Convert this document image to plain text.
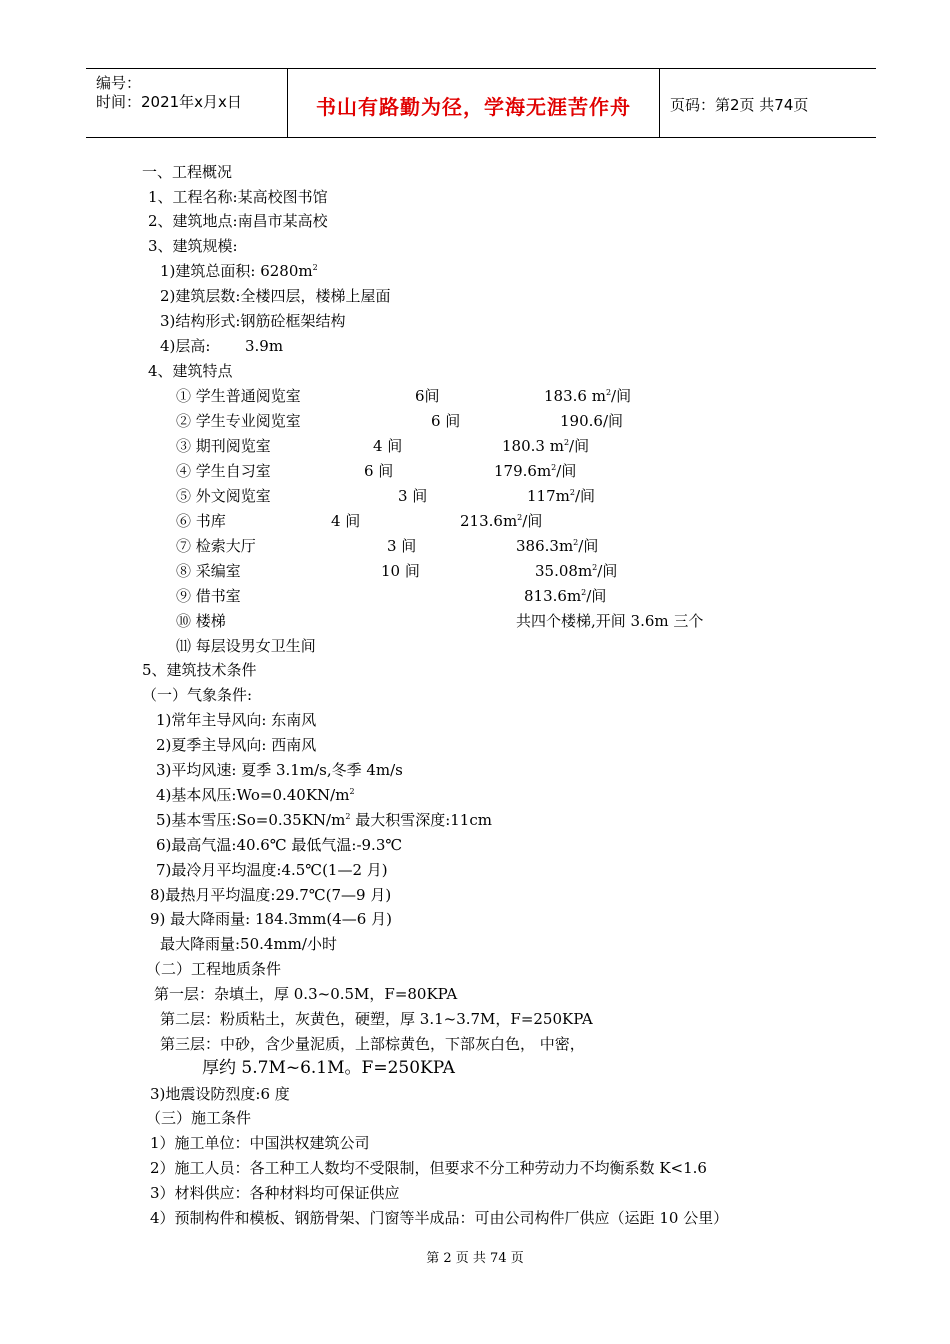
编号：
时间：2021年x月x日	书山有路勤为径，学海无涯苦作舟	页码：第2页 共74页
一、工程概况
1、工程名称:某高校图书馆
2、建筑地点:南昌市某高校
3、建筑规模:
1)建筑总面积: $6280m^2$
2)建筑层数:全楼四层，楼梯上屋面
3)结构形式:钢筋砼框架结构
4)层高: 3.9m
4、建筑特点
① 学生普通阅览室	6间	183.6 $m^2/$间
② 学生专业阅览室	6 间	190.6/间
③ 期刊阅览室	4 间	180.3 $m^2/$间
④ 学生自习室	6 间	$179.6m^2/$间
⑤ 外文阅览室	3 间	$117m^2/$间
⑥ 书库	4 间	$213.6m^2/$间
⑦ 检索大厅	3 间	$386.3m^2/$间
⑧ 采编室	10 间	$35.08m^2/$间
⑨ 借书室	$813.6m^2/$间
⑩ 楼梯	共四个楼梯,开间 3.6m 三个
⑾ 每层设男女卫生间
5、建筑技术条件
（一）气象条件:
1)常年主导风向: 东南风
2)夏季主导风向: 西南风
3)平均风速: 夏季 3.1m/s,冬季 4m/s
4)基本风压$:Wo=0.40KN/m^2$
5)基本雪压$:So=0.35KN/m^2$ 最大积雪深度:11cm
6)最高气温:40.6℃ 最低气温:-9.3℃
7)最冷月平均温度:4.5℃(1—2 月)
8)最热月平均温度:29.7℃(7—9 月)
9) 最大降雨量: 184.3mm(4—6 月)
最大降雨量:50.4mm/小时
（二）工程地质条件
第一层：杂填土，厚 0.3~0.5M，F=80KPA
第二层：粉质粘土，灰黄色，硬塑，厚 3.1~3.7M，F=250KPA
第三层：中砂，含少量泥质，上部棕黄色，下部灰白色， 中密，
厚约 5.7M~6.1M。F=250KPA
3)地震设防烈度:6 度
（三）施工条件
1）施工单位：中国洪权建筑公司
2）施工人员：各工种工人数均不受限制，但要求不分工种劳动力不均衡系数 K<1.6
3）材料供应：各种材料均可保证供应
4）预制构件和模板、钢筋骨架、门窗等半成品：可由公司构件厂供应（运距 10 公里）
第 2 页 共 74 页
